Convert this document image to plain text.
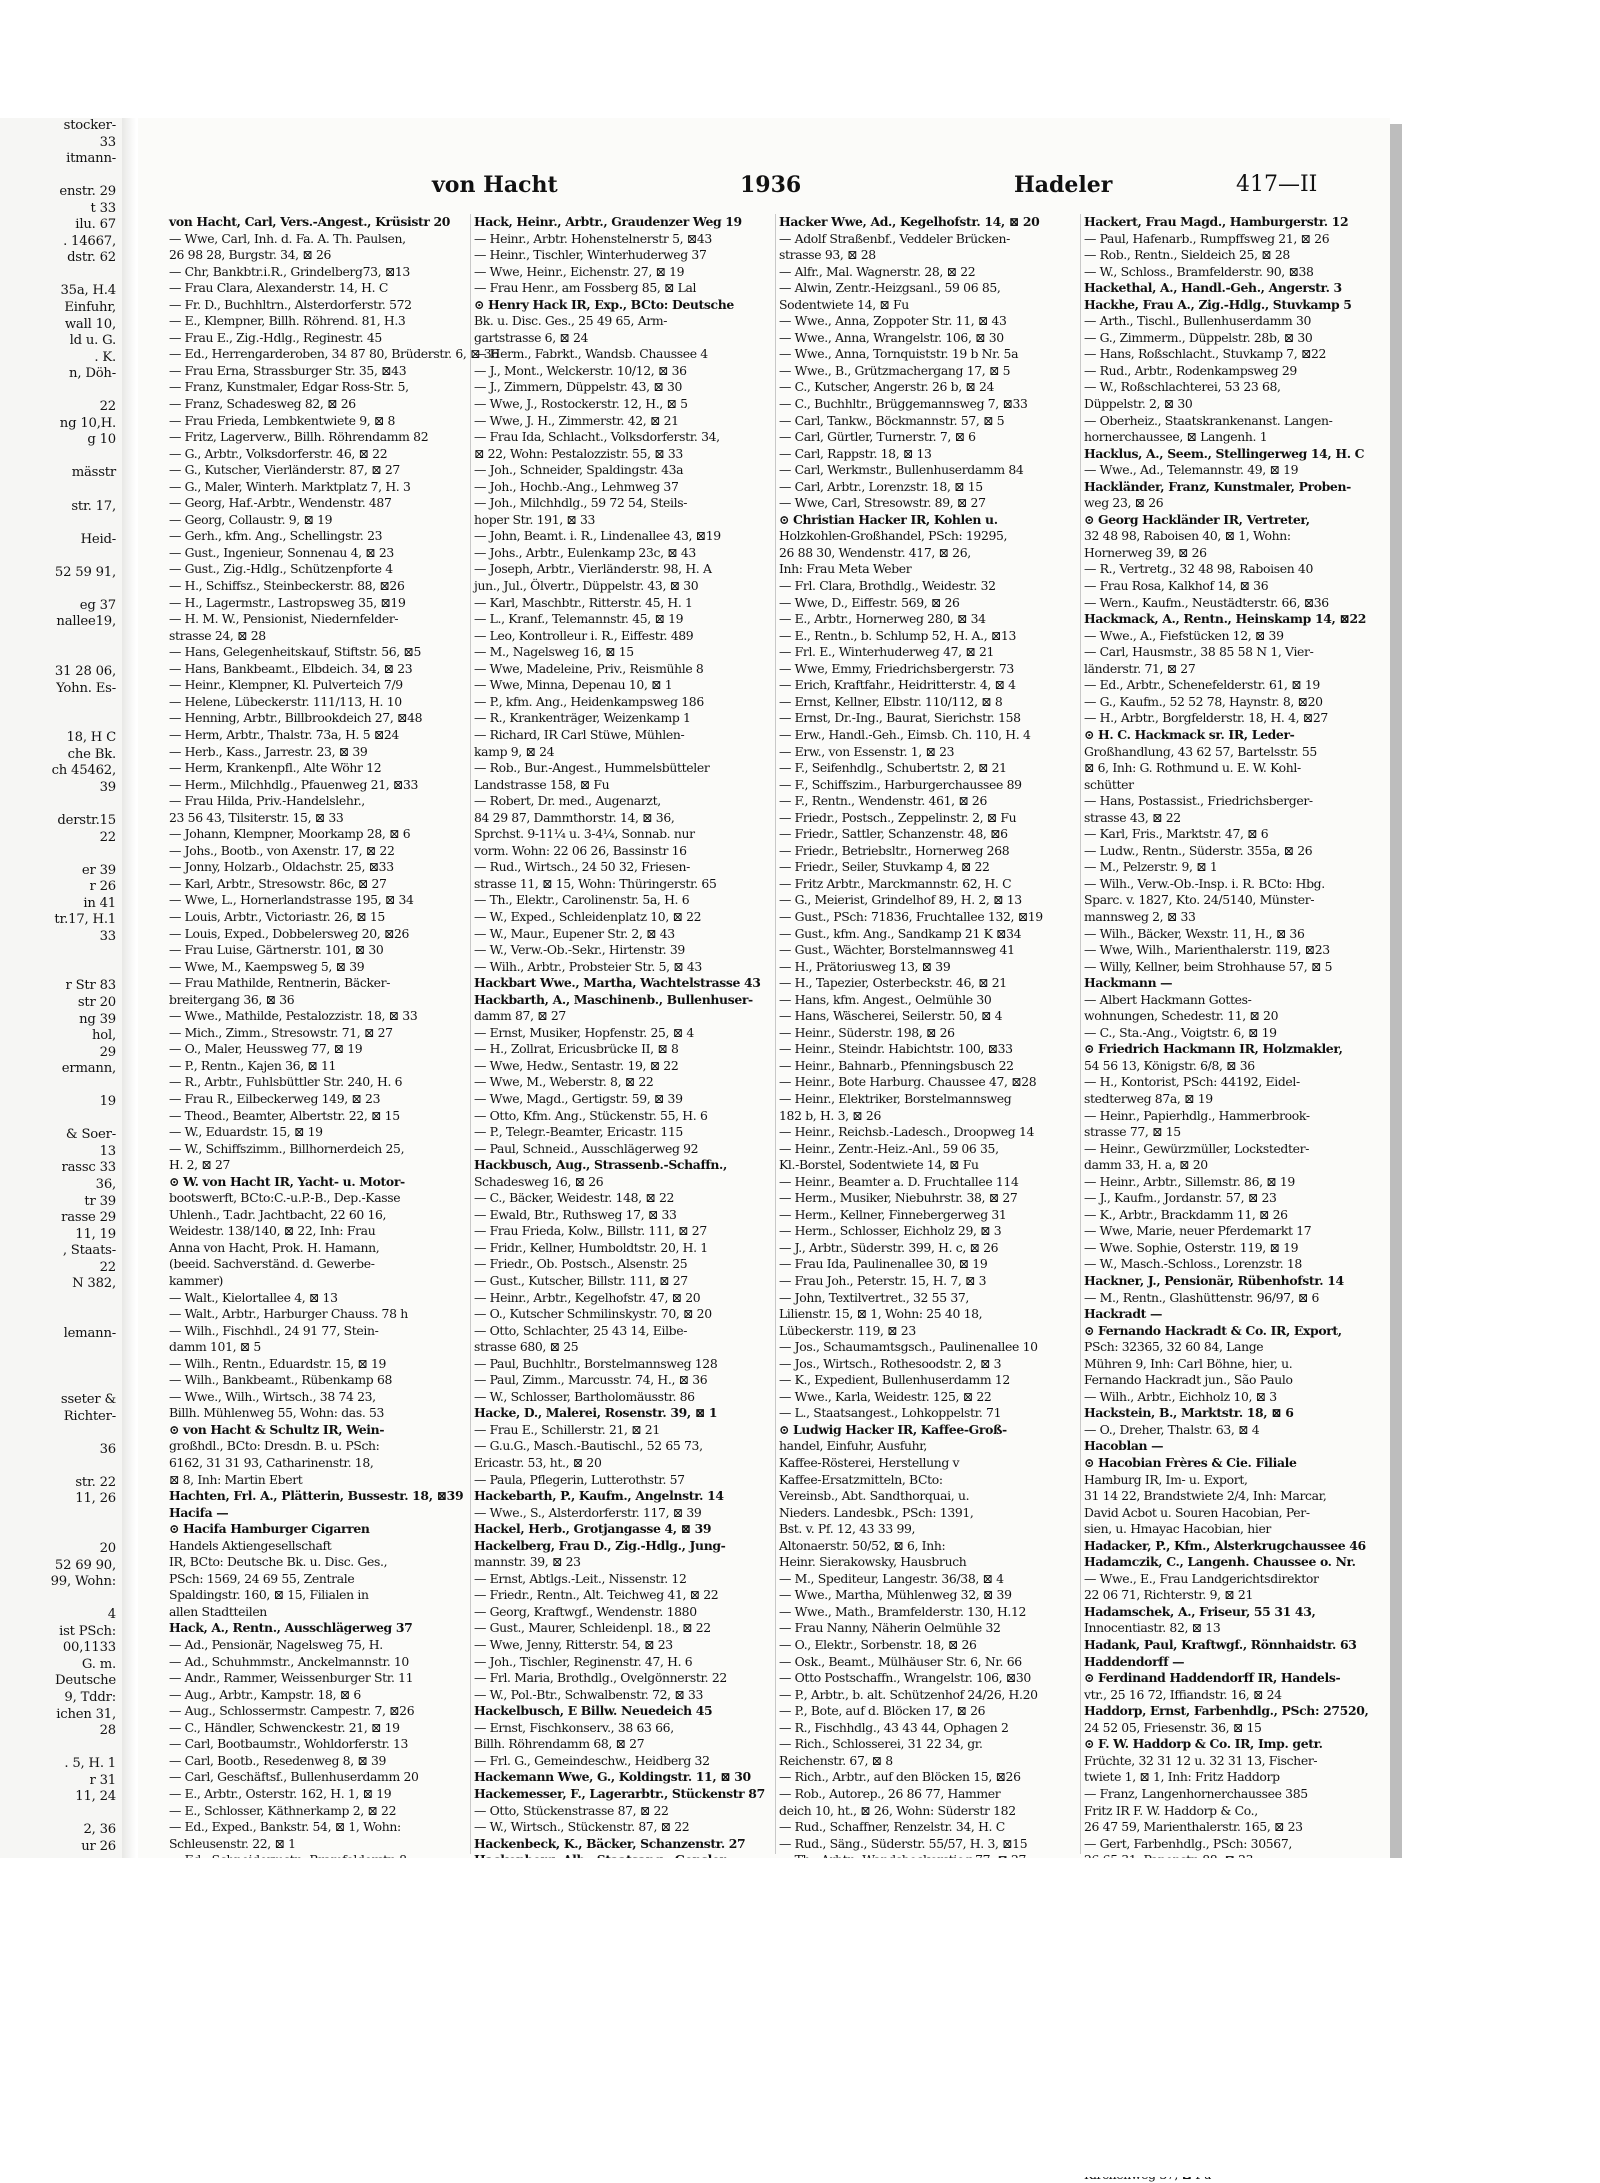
stocker-
33
itmann-

enstr. 29
t 33
ilu. 67
. 14667,
dstr. 62

35a, H.4
Einfuhr,
wall 10,
ld u. G.
. K.
n, Döh-

22
ng 10,H.
g 10

mässtr

str. 17,

Heid-

52 59 91,

eg 37
nallee19,

31 28 06,
Yohn. Es-

18, H C
che Bk.
ch 45462,
39

derstr.15
22

er 39
r 26
in 41
tr.17, H.1
33

r Str 83
str 20
ng 39
hol,
29
ermann,

19

& Soer-
13
rassc 33
36,
tr 39
rasse 29
11, 19
, Staats-
22
N 382,

lemann-

sseter &
Richter-

36

str. 22
11, 26

20
52 69 90,
99, Wohn:

4
ist PSch:
00,1133
G. m.
Deutsche
9, Tddr:
ichen 31,
28

. 5, H. 1
r 31
11, 24

2, 36
ur 26

von Hacht	1936	Hadeler	417—II
von Hacht, Carl, Vers.-Angest., Krüsistr 20
— Wwe, Carl, Inh. d. Fa. A. Th. Paulsen,
26 98 28, Burgstr. 34, ⊠ 26
— Chr, Bankbtr.i.R., Grindelberg73, ⊠13
— Frau Clara, Alexanderstr. 14, H. C
— Fr. D., Buchhltrn., Alsterdorferstr. 572
— E., Klempner, Billh. Röhrend. 81, H.3
— Frau E., Zig.-Hdlg., Reginestr. 45
— Ed., Herrengarderoben, 34 87 80, Brüderstr. 6, ⊠ 36
— Frau Erna, Strassburger Str. 35, ⊠43
— Franz, Kunstmaler, Edgar Ross-Str. 5,
— Franz, Schadesweg 82, ⊠ 26
— Frau Frieda, Lembkentwiete 9, ⊠ 8
— Fritz, Lagerverw., Billh. Röhrendamm 82
— G., Arbtr., Volksdorferstr. 46, ⊠ 22
— G., Kutscher, Vierländerstr. 87, ⊠ 27
— G., Maler, Winterh. Marktplatz 7, H. 3
— Georg, Haf.-Arbtr., Wendenstr. 487
— Georg, Collaustr. 9, ⊠ 19
— Gerh., kfm. Ang., Schellingstr. 23
— Gust., Ingenieur, Sonnenau 4, ⊠ 23
— Gust., Zig.-Hdlg., Schützenpforte 4
— H., Schiffsz., Steinbeckerstr. 88, ⊠26
— H., Lagermstr., Lastropsweg 35, ⊠19
— H. M. W., Pensionist, Niedernfelder-
strasse 24, ⊠ 28
— Hans, Gelegenheitskauf, Stiftstr. 56, ⊠5
— Hans, Bankbeamt., Elbdeich. 34, ⊠ 23
— Heinr., Klempner, Kl. Pulverteich 7/9
— Helene, Lübeckerstr. 111/113, H. 10
— Henning, Arbtr., Billbrookdeich 27, ⊠48
— Herm, Arbtr., Thalstr. 73a, H. 5 ⊠24
— Herb., Kass., Jarrestr. 23, ⊠ 39
— Herm, Krankenpfl., Alte Wöhr 12
— Herm., Milchhdlg., Pfauenweg 21, ⊠33
— Frau Hilda, Priv.-Handelslehr.,
23 56 43, Tilsiterstr. 15, ⊠ 33
— Johann, Klempner, Moorkamp 28, ⊠ 6
— Johs., Bootb., von Axenstr. 17, ⊠ 22
— Jonny, Holzarb., Oldachstr. 25, ⊠33
— Karl, Arbtr., Stresowstr. 86c, ⊠ 27
— Wwe, L., Hornerlandstrasse 195, ⊠ 34
— Louis, Arbtr., Victoriastr. 26, ⊠ 15
— Louis, Exped., Dobbelersweg 20, ⊠26
— Frau Luise, Gärtnerstr. 101, ⊠ 30
— Wwe, M., Kaempsweg 5, ⊠ 39
— Frau Mathilde, Rentnerin, Bäcker-
breitergang 36, ⊠ 36
— Wwe., Mathilde, Pestalozzistr. 18, ⊠ 33
— Mich., Zimm., Stresowstr. 71, ⊠ 27
— O., Maler, Heussweg 77, ⊠ 19
— P., Rentn., Kajen 36, ⊠ 11
— R., Arbtr., Fuhlsbüttler Str. 240, H. 6
— Frau R., Eilbeckerweg 149, ⊠ 23
— Theod., Beamter, Albertstr. 22, ⊠ 15
— W., Eduardstr. 15, ⊠ 19
— W., Schiffszimm., Billhornerdeich 25,
H. 2, ⊠ 27
⊙ W. von Hacht IR, Yacht- u. Motor-
bootswerft, BCto:C.-u.P.-B., Dep.-Kasse
Uhlenh., T.adr. Jachtbacht, 22 60 16,
Weidestr. 138/140, ⊠ 22, Inh: Frau
Anna von Hacht, Prok. H. Hamann,
(beeid. Sachverständ. d. Gewerbe-
kammer)
— Walt., Kielortallee 4, ⊠ 13
— Walt., Arbtr., Harburger Chauss. 78 h
— Wilh., Fischhdl., 24 91 77, Stein-
damm 101, ⊠ 5
— Wilh., Rentn., Eduardstr. 15, ⊠ 19
— Wilh., Bankbeamt., Rübenkamp 68
— Wwe., Wilh., Wirtsch., 38 74 23,
Billh. Mühlenweg 55, Wohn: das. 53
⊙ von Hacht & Schultz IR, Wein-
großhdl., BCto: Dresdn. B. u. PSch:
6162, 31 31 93, Catharinenstr. 18,
⊠ 8, Inh: Martin Ebert
Hachten, Frl. A., Plätterin, Bussestr. 18, ⊠39
Hacifa —
⊙ Hacifa Hamburger Cigarren
Handels Aktiengesellschaft
IR, BCto: Deutsche Bk. u. Disc. Ges.,
PSch: 1569, 24 69 55, Zentrale
Spaldingstr. 160, ⊠ 15, Filialen in
allen Stadtteilen
Hack, A., Rentn., Ausschlägerweg 37
— Ad., Pensionär, Nagelsweg 75, H.
— Ad., Schuhmmstr., Anckelmannstr. 10
— Andr., Rammer, Weissenburger Str. 11
— Aug., Arbtr., Kampstr. 18, ⊠ 6
— Aug., Schlossermstr. Campestr. 7, ⊠26
— C., Händler, Schwenckestr. 21, ⊠ 19
— Carl, Bootbaumstr., Wohldorferstr. 13
— Carl, Bootb., Resedenweg 8, ⊠ 39
— Carl, Geschäftsf., Bullenhuserdamm 20
— E., Arbtr., Osterstr. 162, H. 1, ⊠ 19
— E., Schlosser, Käthnerkamp 2, ⊠ 22
— Ed., Exped., Bankstr. 54, ⊠ 1, Wohn:
Schleusenstr. 22, ⊠ 1
Hack, Heinr., Arbtr., Graudenzer Weg 19
— Heinr., Arbtr. Hohenstelnerstr 5, ⊠43
— Heinr., Tischler, Winterhuderweg 37
— Wwe, Heinr., Eichenstr. 27, ⊠ 19
— Frau Henr., am Fossberg 85, ⊠ Lal
⊙ Henry Hack IR, Exp., BCto: Deutsche
Bk. u. Disc. Ges., 25 49 65, Arm-
gartstrasse 6, ⊠ 24
— Herm., Fabrkt., Wandsb. Chaussee 4
— J., Mont., Welckerstr. 10/12, ⊠ 36
— J., Zimmern, Düppelstr. 43, ⊠ 30
— Wwe, J., Rostockerstr. 12, H., ⊠ 5
— Wwe, J. H., Zimmerstr. 42, ⊠ 21
— Frau Ida, Schlacht., Volksdorferstr. 34,
⊠ 22, Wohn: Pestalozzistr. 55, ⊠ 33
— Joh., Schneider, Spaldingstr. 43a
— Joh., Hochb.-Ang., Lehmweg 37
— Joh., Milchhdlg., 59 72 54, Steils-
hoper Str. 191, ⊠ 33
— John, Beamt. i. R., Lindenallee 43, ⊠19
— Johs., Arbtr., Eulenkamp 23c, ⊠ 43
— Joseph, Arbtr., Vierländerstr. 98, H. A
jun., Jul., Ölvertr., Düppelstr. 43, ⊠ 30
— Karl, Maschbtr., Ritterstr. 45, H. 1
— L., Kranf., Telemannstr. 45, ⊠ 19
— Leo, Kontrolleur i. R., Eiffestr. 489
— M., Nagelsweg 16, ⊠ 15
— Wwe, Madeleine, Priv., Reismühle 8
— Wwe, Minna, Depenau 10, ⊠ 1
— P., kfm. Ang., Heidenkampsweg 186
— R., Krankenträger, Weizenkamp 1
— Richard, IR Carl Stüwe, Mühlen-
kamp 9, ⊠ 24
— Rob., Bur.-Angest., Hummelsbütteler
Landstrasse 158, ⊠ Fu
— Robert, Dr. med., Augenarzt,
84 29 87, Dammthorstr. 14, ⊠ 36,
Sprchst. 9-11¼ u. 3-4¼, Sonnab. nur
vorm. Wohn: 22 06 26, Bassinstr 16
— Rud., Wirtsch., 24 50 32, Friesen-
strasse 11, ⊠ 15, Wohn: Thüringerstr. 65
— Th., Elektr., Carolinenstr. 5a, H. 6
— W., Exped., Schleidenplatz 10, ⊠ 22
— W., Maur., Eupener Str. 2, ⊠ 43
— W., Verw.-Ob.-Sekr., Hirtenstr. 39
— Wilh., Arbtr., Probsteier Str. 5, ⊠ 43
Hackbart Wwe., Martha, Wachtelstrasse 43
Hackbarth, A., Maschinenb., Bullenhuser-
damm 87, ⊠ 27
— Ernst, Musiker, Hopfenstr. 25, ⊠ 4
— H., Zollrat, Ericusbrücke II, ⊠ 8
— Wwe, Hedw., Sentastr. 19, ⊠ 22
— Wwe, M., Weberstr. 8, ⊠ 22
— Wwe, Magd., Gertigstr. 59, ⊠ 39
— Otto, Kfm. Ang., Stückenstr. 55, H. 6
— P., Telegr.-Beamter, Ericastr. 115
— Paul, Schneid., Ausschlägerweg 92
Hackbusch, Aug., Strassenb.-Schaffn.,
Schadesweg 16, ⊠ 26
— C., Bäcker, Weidestr. 148, ⊠ 22
— Ewald, Btr., Ruthsweg 17, ⊠ 33
— Frau Frieda, Kolw., Billstr. 111, ⊠ 27
— Fridr., Kellner, Humboldtstr. 20, H. 1
— Friedr., Ob. Postsch., Alsenstr. 25
— Gust., Kutscher, Billstr. 111, ⊠ 27
— Heinr., Arbtr., Kegelhofstr. 47, ⊠ 20
— O., Kutscher Schmilinskystr. 70, ⊠ 20
— Otto, Schlachter, 25 43 14, Eilbe-
strasse 680, ⊠ 25
— Paul, Buchhltr., Borstelmannsweg 128
— Paul, Zimm., Marcusstr. 74, H., ⊠ 36
— W., Schlosser, Bartholomäusstr. 86
Hacke, D., Malerei, Rosenstr. 39, ⊠ 1
— Frau E., Schillerstr. 21, ⊠ 21
— G.u.G., Masch.-Bautischl., 52 65 73,
Ericastr. 53, ht., ⊠ 20
— Paula, Pflegerin, Lutterothstr. 57
Hackebarth, P., Kaufm., Angelnstr. 14
— Wwe., S., Alsterdorferstr. 117, ⊠ 39
Hackel, Herb., Grotjangasse 4, ⊠ 39
Hackelberg, Frau D., Zig.-Hdlg., Jung-
mannstr. 39, ⊠ 23
— Ernst, Abtlgs.-Leit., Nissenstr. 12
— Friedr., Rentn., Alt. Teichweg 41, ⊠ 22
— Georg, Kraftwgf., Wendenstr. 1880
— Gust., Maurer, Schleidenpl. 18., ⊠ 22
— Wwe, Jenny, Ritterstr. 54, ⊠ 23
— Joh., Tischler, Reginenstr. 47, H. 6
— Frl. Maria, Brothdlg., Ovelgönnerstr. 22
— W., Pol.-Btr., Schwalbenstr. 72, ⊠ 33
Hackelbusch, E Billw. Neuedeich 45
— Ernst, Fischkonserv., 38 63 66,
Billh. Röhrendamm 68, ⊠ 27
— Frl. G., Gemeindeschw., Heidberg 32
Hackemann Wwe, G., Koldingstr. 11, ⊠ 30
Hackemesser, F., Lagerarbtr., Stückenstr 87
— Otto, Stückenstrasse 87, ⊠ 22
— W., Wirtsch., Stückenstr. 87, ⊠ 22
Hackenbeck, K., Bäcker, Schanzenstr. 27
Hacker Wwe, Ad., Kegelhofstr. 14, ⊠ 20
— Adolf Straßenbf., Veddeler Brücken-
strasse 93, ⊠ 28
— Alfr., Mal. Wagnerstr. 28, ⊠ 22
— Alwin, Zentr.-Heizgsanl., 59 06 85,
Sodentwiete 14, ⊠ Fu
— Wwe., Anna, Zoppoter Str. 11, ⊠ 43
— Wwe., Anna, Wrangelstr. 106, ⊠ 30
— Wwe., Anna, Tornquiststr. 19 b Nr. 5a
— Wwe., B., Grützmachergang 17, ⊠ 5
— C., Kutscher, Angerstr. 26 b, ⊠ 24
— C., Buchhltr., Brüggemannsweg 7, ⊠33
— Carl, Tankw., Böckmannstr. 57, ⊠ 5
— Carl, Gürtler, Turnerstr. 7, ⊠ 6
— Carl, Rappstr. 18, ⊠ 13
— Carl, Werkmstr., Bullenhuserdamm 84
— Carl, Arbtr., Lorenzstr. 18, ⊠ 15
— Wwe, Carl, Stresowstr. 89, ⊠ 27
⊙ Christian Hacker IR, Kohlen u.
Holzkohlen-Großhandel, PSch: 19295,
26 88 30, Wendenstr. 417, ⊠ 26,
Inh: Frau Meta Weber
— Frl. Clara, Brothdlg., Weidestr. 32
— Wwe, D., Eiffestr. 569, ⊠ 26
— E., Arbtr., Hornerweg 280, ⊠ 34
— E., Rentn., b. Schlump 52, H. A., ⊠13
— Frl. E., Winterhuderweg 47, ⊠ 21
— Wwe, Emmy, Friedrichsbergerstr. 73
— Erich, Kraftfahr., Heidritterstr. 4, ⊠ 4
— Ernst, Kellner, Elbstr. 110/112, ⊠ 8
— Ernst, Dr.-Ing., Baurat, Sierichstr. 158
— Erw., Handl.-Geh., Eimsb. Ch. 110, H. 4
— Erw., von Essenstr. 1, ⊠ 23
— F., Seifenhdlg., Schubertstr. 2, ⊠ 21
— F., Schiffszim., Harburgerchaussee 89
— F., Rentn., Wendenstr. 461, ⊠ 26
— Friedr., Postsch., Zeppelinstr. 2, ⊠ Fu
— Friedr., Sattler, Schanzenstr. 48, ⊠6
— Friedr., Betriebsltr., Hornerweg 268
— Friedr., Seiler, Stuvkamp 4, ⊠ 22
— Fritz Arbtr., Marckmannstr. 62, H. C
— G., Meierist, Grindelhof 89, H. 2, ⊠ 13
— Gust., PSch: 71836, Fruchtallee 132, ⊠19
— Gust., kfm. Ang., Sandkamp 21 K ⊠34
— Gust., Wächter, Borstelmannsweg 41
— H., Prätoriusweg 13, ⊠ 39
— H., Tapezier, Osterbeckstr. 46, ⊠ 21
— Hans, kfm. Angest., Oelmühle 30
— Hans, Wäscherei, Seilerstr. 50, ⊠ 4
— Heinr., Süderstr. 198, ⊠ 26
— Heinr., Steindr. Habichtstr. 100, ⊠33
— Heinr., Bahnarb., Pfenningsbusch 22
— Heinr., Bote Harburg. Chaussee 47, ⊠28
— Heinr., Elektriker, Borstelmannsweg
182 b, H. 3, ⊠ 26
— Heinr., Reichsb.-Ladesch., Droopweg 14
— Heinr., Zentr.-Heiz.-Anl., 59 06 35,
Kl.-Borstel, Sodentwiete 14, ⊠ Fu
— Heinr., Beamter a. D. Fruchtallee 114
— Herm., Musiker, Niebuhrstr. 38, ⊠ 27
— Herm., Kellner, Finnebergerweg 31
— Herm., Schlosser, Eichholz 29, ⊠ 3
— J., Arbtr., Süderstr. 399, H. c, ⊠ 26
— Frau Ida, Paulinenallee 30, ⊠ 19
— Frau Joh., Peterstr. 15, H. 7, ⊠ 3
— John, Textilvertret., 32 55 37,
Lilienstr. 15, ⊠ 1, Wohn: 25 40 18,
Lübeckerstr. 119, ⊠ 23
— Jos., Schaumamtsgsch., Paulinenallee 10
— Jos., Wirtsch., Rothesoodstr. 2, ⊠ 3
— K., Expedient, Bullenhuserdamm 12
— Wwe., Karla, Weidestr. 125, ⊠ 22
— L., Staatsangest., Lohkoppelstr. 71
⊙ Ludwig Hacker IR, Kaffee-Groß-
handel, Einfuhr, Ausfuhr,
Kaffee-Rösterei, Herstellung v
Kaffee-Ersatzmitteln, BCto:
Vereinsb., Abt. Sandthorquai, u.
Nieders. Landesbk., PSch: 1391,
Bst. v. Pf. 12, 43 33 99,
Altonaerstr. 50/52, ⊠ 6, Inh:
Heinr. Sierakowsky, Hausbruch
— M., Spediteur, Langestr. 36/38, ⊠ 4
— Wwe., Martha, Mühlenweg 32, ⊠ 39
— Wwe., Math., Bramfelderstr. 130, H.12
— Frau Nanny, Näherin Oelmühle 32
— O., Elektr., Sorbenstr. 18, ⊠ 26
— Osk., Beamt., Mülhäuser Str. 6, Nr. 66
— Otto Postschaffn., Wrangelstr. 106, ⊠30
— P., Arbtr., b. alt. Schützenhof 24/26, H.20
— P., Bote, auf d. Blöcken 17, ⊠ 26
— R., Fischhdlg., 43 43 44, Ophagen 2
— Rich., Schlosserei, 31 22 34, gr.
Reichenstr. 67, ⊠ 8
— Rich., Arbtr., auf den Blöcken 15, ⊠26
— Rob., Autorep., 26 86 77, Hammer
deich 10, ht., ⊠ 26, Wohn: Süderstr 182
— Rud., Schaffner, Renzelstr. 34, H. C
— Rud., Säng., Süderstr. 55/57, H. 3, ⊠15
Hackert, Frau Magd., Hamburgerstr. 12
— Paul, Hafenarb., Rumpffsweg 21, ⊠ 26
— Rob., Rentn., Sieldeich 25, ⊠ 28
— W., Schloss., Bramfelderstr. 90, ⊠38
Hackethal, A., Handl.-Geh., Angerstr. 3
Hackhe, Frau A., Zig.-Hdlg., Stuvkamp 5
— Arth., Tischl., Bullenhuserdamm 30
— G., Zimmerm., Düppelstr. 28b, ⊠ 30
— Hans, Roßschlacht., Stuvkamp 7, ⊠22
— Rud., Arbtr., Rodenkampsweg 29
— W., Roßschlachterei, 53 23 68,
Düppelstr. 2, ⊠ 30
— Oberheiz., Staatskrankenanst. Langen-
hornerchaussee, ⊠ Langenh. 1
Hacklus, A., Seem., Stellingerweg 14, H. C
— Wwe., Ad., Telemannstr. 49, ⊠ 19
Hackländer, Franz, Kunstmaler, Proben-
weg 23, ⊠ 26
⊙ Georg Hackländer IR, Vertreter,
32 48 98, Raboisen 40, ⊠ 1, Wohn:
Hornerweg 39, ⊠ 26
— R., Vertretg., 32 48 98, Raboisen 40
— Frau Rosa, Kalkhof 14, ⊠ 36
— Wern., Kaufm., Neustädterstr. 66, ⊠36
Hackmack, A., Rentn., Heinskamp 14, ⊠22
— Wwe., A., Fiefstücken 12, ⊠ 39
— Carl, Hausmstr., 38 85 58 N 1, Vier-
länderstr. 71, ⊠ 27
— Ed., Arbtr., Schenefelderstr. 61, ⊠ 19
— G., Kaufm., 52 52 78, Haynstr. 8, ⊠20
— H., Arbtr., Borgfelderstr. 18, H. 4, ⊠27
⊙ H. C. Hackmack sr. IR, Leder-
Großhandlung, 43 62 57, Bartelsstr. 55
⊠ 6, Inh: G. Rothmund u. E. W. Kohl-
schütter
— Hans, Postassist., Friedrichsberger-
strasse 43, ⊠ 22
— Karl, Fris., Marktstr. 47, ⊠ 6
— Ludw., Rentn., Süderstr. 355a, ⊠ 26
— M., Pelzerstr. 9, ⊠ 1
— Wilh., Verw.-Ob.-Insp. i. R. BCto: Hbg.
Sparc. v. 1827, Kto. 24/5140, Münster-
mannsweg 2, ⊠ 33
— Wilh., Bäcker, Wexstr. 11, H., ⊠ 36
— Wwe, Wilh., Marienthalerstr. 119, ⊠23
— Willy, Kellner, beim Strohhause 57, ⊠ 5
Hackmann —
— Albert Hackmann Gottes-
wohnungen, Schedestr. 11, ⊠ 20
— C., Sta.-Ang., Voigtstr. 6, ⊠ 19
⊙ Friedrich Hackmann IR, Holzmakler,
54 56 13, Königstr. 6/8, ⊠ 36
— H., Kontorist, PSch: 44192, Eidel-
stedterweg 87a, ⊠ 19
— Heinr., Papierhdlg., Hammerbrook-
strasse 77, ⊠ 15
— Heinr., Gewürzmüller, Lockstedter-
damm 33, H. a, ⊠ 20
— Heinr., Arbtr., Sillemstr. 86, ⊠ 19
— J., Kaufm., Jordanstr. 57, ⊠ 23
— K., Arbtr., Brackdamm 11, ⊠ 26
— Wwe, Marie, neuer Pferdemarkt 17
— Wwe. Sophie, Osterstr. 119, ⊠ 19
— W., Masch.-Schloss., Lorenzstr. 18
Hackner, J., Pensionär, Rübenhofstr. 14
— M., Rentn., Glashüttenstr. 96/97, ⊠ 6
Hackradt —
⊙ Fernando Hackradt & Co. IR, Export,
PSch: 32365, 32 60 84, Lange
Mühren 9, Inh: Carl Böhne, hier, u.
Fernando Hackradt jun., São Paulo
— Wilh., Arbtr., Eichholz 10, ⊠ 3
Hackstein, B., Marktstr. 18, ⊠ 6
— O., Dreher, Thalstr. 63, ⊠ 4
Hacoblan —
⊙ Hacobian Frères & Cie. Filiale
Hamburg IR, Im- u. Export,
31 14 22, Brandstwiete 2/4, Inh: Marcar,
David Acbot u. Souren Hacobian, Per-
sien, u. Hmayac Hacobian, hier
Hadacker, P., Kfm., Alsterkrugchaussee 46
Hadamczik, C., Langenh. Chaussee o. Nr.
— Wwe., E., Frau Landgerichtsdirektor
22 06 71, Richterstr. 9, ⊠ 21
Hadamschek, A., Friseur, 55 31 43,
Innocentiastr. 82, ⊠ 13
Hadank, Paul, Kraftwgf., Rönnhaidstr. 63
Haddendorff —
⊙ Ferdinand Haddendorff IR, Handels-
vtr., 25 16 72, Iffiandstr. 16, ⊠ 24
Haddorp, Ernst, Farbenhdlg., PSch: 27520,
24 52 05, Friesenstr. 36, ⊠ 15
⊙ F. W. Haddorp & Co. IR, Imp. getr.
Früchte, 32 31 12 u. 32 31 13, Fischer-
twiete 1, ⊠ 1, Inh: Fritz Haddorp
— Franz, Langenhornerchaussee 385
Fritz IR F. W. Haddorp & Co.,
26 47 59, Marienthalerstr. 165, ⊠ 23
— Gert, Farbenhdlg., PSch: 30567,
